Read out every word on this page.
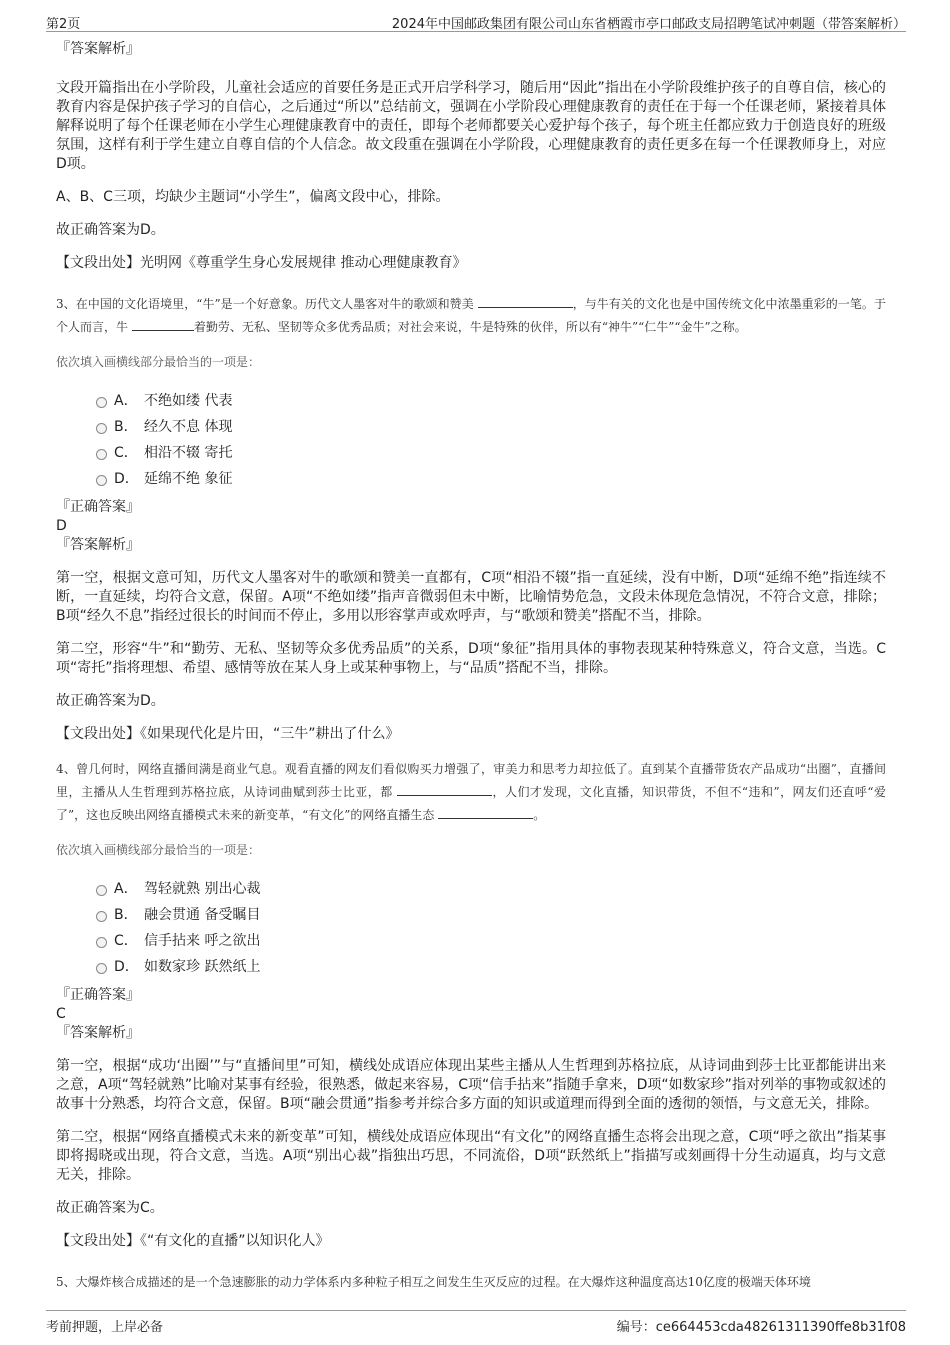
第2页	2024年中国邮政集团有限公司山东省栖霞市亭口邮政支局招聘笔试冲刺题（带答案解析）
『答案解析』

文段开篇指出在小学阶段，儿童社会适应的首要任务是正式开启学科学习，随后用“因此”指出在小学阶段维护孩子的自尊自信，核心的教育内容是保护孩子学习的自信心，之后通过“所以”总结前文，强调在小学阶段心理健康教育的责任在于每一个任课老师，紧接着具体解释说明了每个任课老师在小学生心理健康教育中的责任，即每个老师都要关心爱护每个孩子，每个班主任都应致力于创造良好的班级氛围，这样有利于学生建立自尊自信的个人信念。故文段重在强调在小学阶段，心理健康教育的责任更多在每一个任课教师身上，对应D项。

A、B、C三项，均缺少主题词“小学生”，偏离文段中心，排除。

故正确答案为D。

【文段出处】光明网《尊重学生身心发展规律 推动心理健康教育》

3、在中国的文化语境里，“牛”是一个好意象。历代文人墨客对牛的歌颂和赞美	，与牛有关的文化也是中国传统文化中浓墨重彩的一笔。于个人而言，牛	着勤劳、无私、坚韧等众多优秀品质；对社会来说，牛是特殊的伙伴，所以有“神牛”“仁牛”“金牛”之称。

依次填入画横线部分最恰当的一项是：
A． 不绝如缕 代表
B． 经久不息 体现
C． 相沿不辍 寄托
D． 延绵不绝 象征
『正确答案』
D
『答案解析』

第一空，根据文意可知，历代文人墨客对牛的歌颂和赞美一直都有，C项“相沿不辍”指一直延续，没有中断，D项“延绵不绝”指连续不断，一直延续，均符合文意，保留。A项“不绝如缕”指声音微弱但未中断，比喻情势危急，文段未体现危急情况，不符合文意，排除；B项“经久不息”指经过很长的时间而不停止，多用以形容掌声或欢呼声，与“歌颂和赞美”搭配不当，排除。

第二空，形容“牛”和“勤劳、无私、坚韧等众多优秀品质”的关系，D项“象征”指用具体的事物表现某种特殊意义，符合文意，当选。C项“寄托”指将理想、希望、感情等放在某人身上或某种事物上，与“品质”搭配不当，排除。

故正确答案为D。

【文段出处】《如果现代化是片田，“三牛”耕出了什么》

4、曾几何时，网络直播间满是商业气息。观看直播的网友们看似购买力增强了，审美力和思考力却拉低了。直到某个直播带货农产品成功“出圈”，直播间里，主播从人生哲理到苏格拉底，从诗词曲赋到莎士比亚，都	，人们才发现，文化直播，知识带货，不但不“违和”，网友们还直呼“爱了”，这也反映出网络直播模式未来的新变革，“有文化”的网络直播生态	。

依次填入画横线部分最恰当的一项是：
A． 驾轻就熟 别出心裁
B． 融会贯通 备受瞩目
C． 信手拈来 呼之欲出
D． 如数家珍 跃然纸上
『正确答案』
C
『答案解析』

第一空，根据“成功‘出圈’”与“直播间里”可知，横线处成语应体现出某些主播从人生哲理到苏格拉底，从诗词曲到莎士比亚都能讲出来之意，A项“驾轻就熟”比喻对某事有经验，很熟悉，做起来容易，C项“信手拈来”指随手拿来，D项“如数家珍”指对列举的事物或叙述的故事十分熟悉，均符合文意，保留。B项“融会贯通”指参考并综合多方面的知识或道理而得到全面的透彻的领悟，与文意无关，排除。

第二空，根据“网络直播模式未来的新变革”可知，横线处成语应体现出“有文化”的网络直播生态将会出现之意，C项“呼之欲出”指某事即将揭晓或出现，符合文意，当选。A项“别出心裁”指独出巧思，不同流俗，D项“跃然纸上”指描写或刻画得十分生动逼真，均与文意无关，排除。

故正确答案为C。

【文段出处】《“有文化的直播”以知识化人》

5、大爆炸核合成描述的是一个急速膨胀的动力学体系内多种粒子相互之间发生生灭反应的过程。在大爆炸这种温度高达10亿度的极端天体环境

考前押题，上岸必备	编号：ce664453cda48261311390ffe8b31f08
